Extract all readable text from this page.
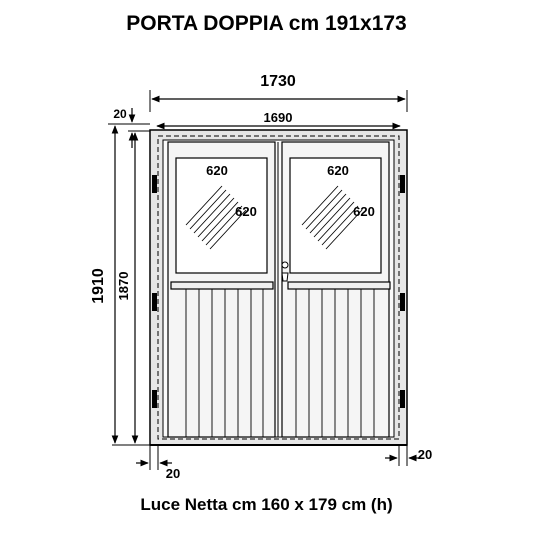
PORTA DOPPIA cm 191x173
1730
1690
20
1910 1870
620
620
620
620
20
20
Luce Netta cm 160 x 179 cm (h)
